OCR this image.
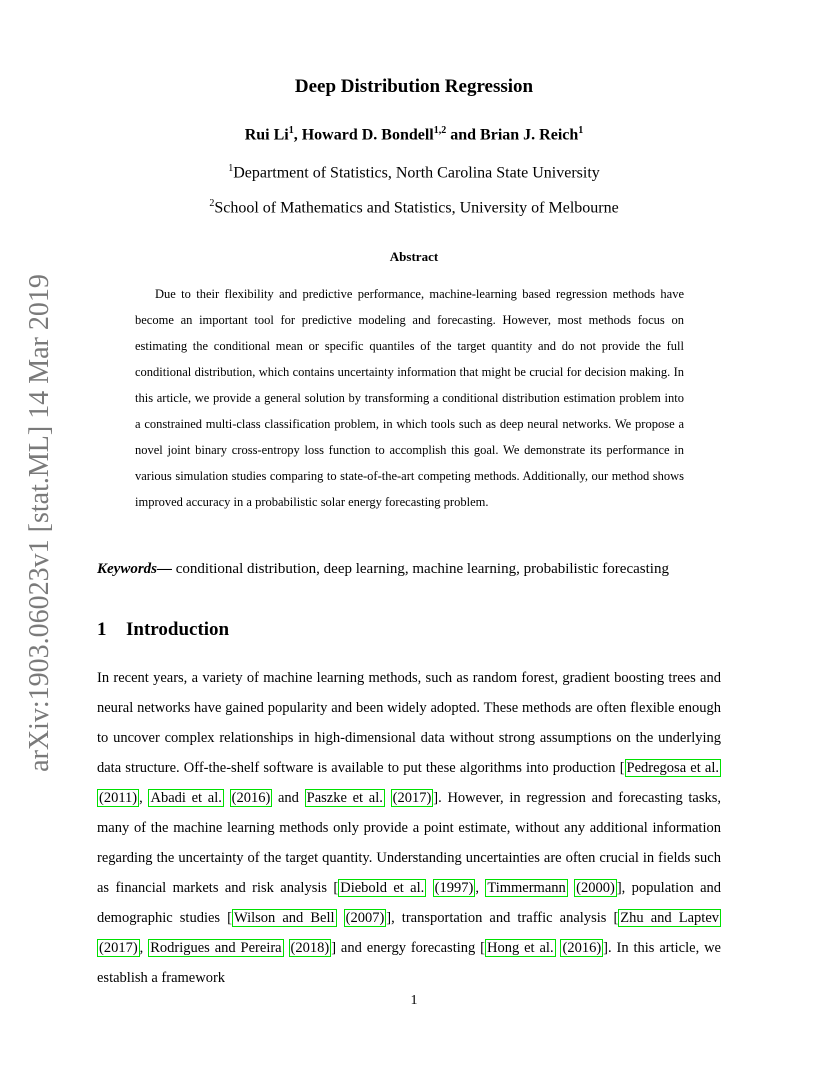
arXiv:1903.06023v1 [stat.ML] 14 Mar 2019
Deep Distribution Regression
Rui Li$^1$, Howard D. Bondell$^{1,2}$ and Brian J. Reich$^1$
$^1$Department of Statistics, North Carolina State University
$^2$School of Mathematics and Statistics, University of Melbourne
Abstract

Due to their flexibility and predictive performance, machine-learning based regression methods have become an important tool for predictive modeling and forecasting. However, most methods focus on estimating the conditional mean or specific quantiles of the target quantity and do not provide the full conditional distribution, which contains uncertainty information that might be crucial for decision making. In this article, we provide a general solution by transforming a conditional distribution estimation problem into a constrained multi-class classification problem, in which tools such as deep neural networks. We propose a novel joint binary cross-entropy loss function to accomplish this goal. We demonstrate its performance in various simulation studies comparing to state-of-the-art competing methods. Additionally, our method shows improved accuracy in a probabilistic solar energy forecasting problem.

Keywords— conditional distribution, deep learning, machine learning, probabilistic forecasting

1 Introduction

In recent years, a variety of machine learning methods, such as random forest, gradient boosting trees and neural networks have gained popularity and been widely adopted. These methods are often flexible enough to uncover complex relationships in high-dimensional data without strong assumptions on the underlying data structure. Off-the-shelf software is available to put these algorithms into production [ Pedregosa et al. (2011) , Abadi et al. (2016) and Paszke et al. (2017) ]. However, in regression and forecasting tasks, many of the machine learning methods only provide a point estimate, without any additional information regarding the uncertainty of the target quantity. Understanding uncertainties are often crucial in fields such as financial markets and risk analysis [ Diebold et al. (1997) , Timmermann (2000) ], population and demographic studies [ Wilson and Bell (2007) ], transportation and traffic analysis [ Zhu and Laptev (2017) , Rodrigues and Pereira (2018) ] and energy forecasting [ Hong et al. (2016) ]. In this article, we establish a framework

1
